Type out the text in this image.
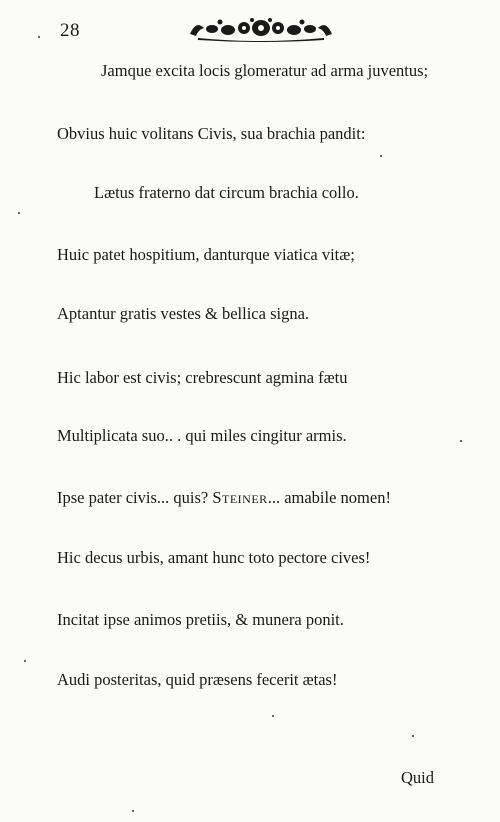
28
Jamque excita locis glomeratur ad arma juventus;
Obvius huic volitans Civis, sua brachia pandit:
Lætus fraterno dat circum brachia collo.
Huic patet hospitium, danturque viatica vitæ;
Aptantur gratis vestes & bellica signa.
Hic labor est civis; crebrescunt agmina fætu
Multiplicata suo.. . qui miles cingitur armis.
Ipse pater civis... quis? Steiner... amabile nomen!
Hic decus urbis, amant hunc toto pectore cives!
Incitat ipse animos pretiis, & munera ponit.
Audi posteritas, quid præsens fecerit ætas!
Quid
